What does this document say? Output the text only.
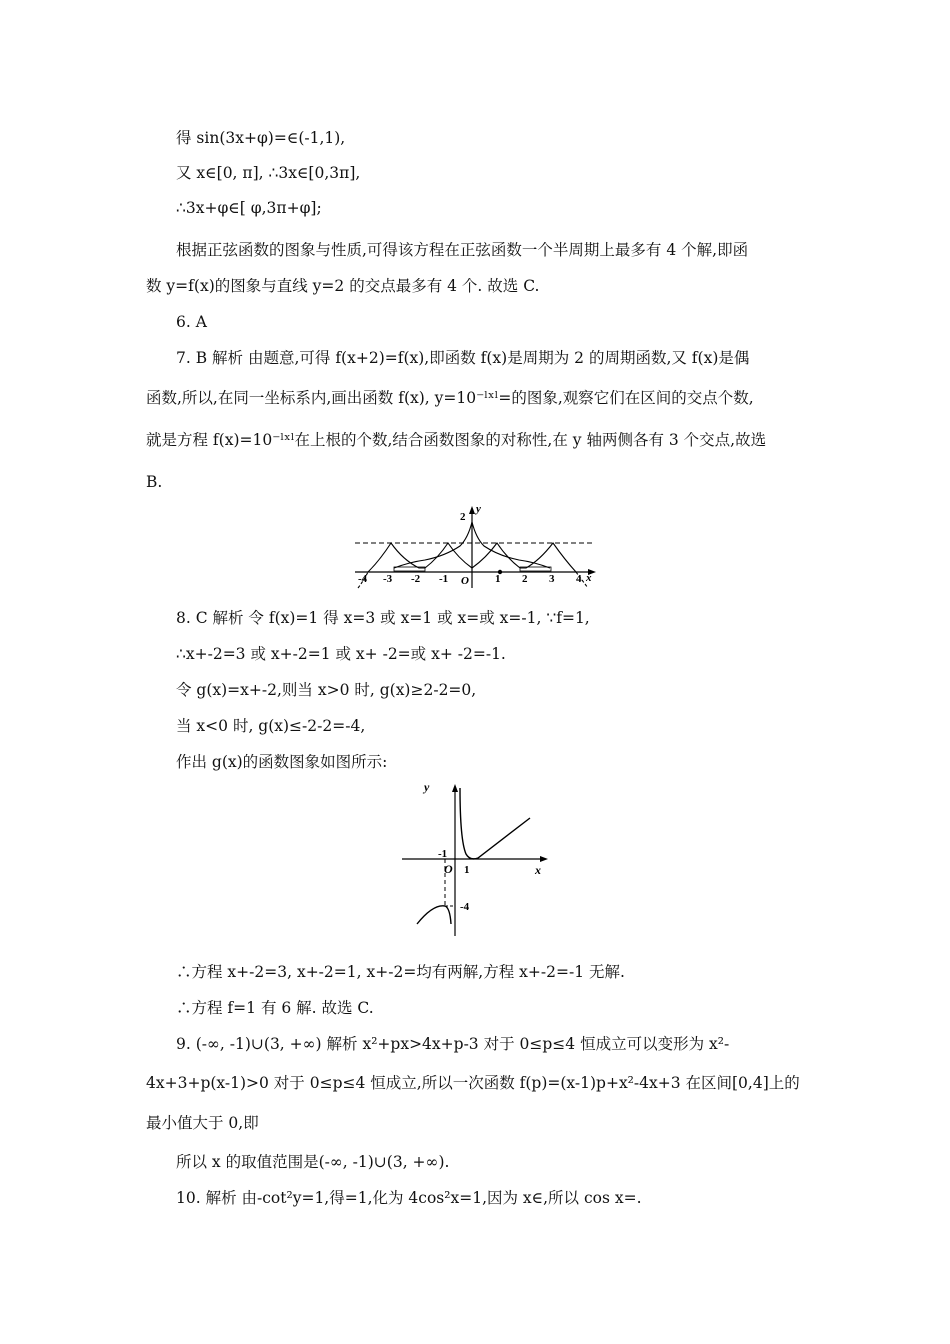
得 sin(3x+φ)=∈(-1,1),
又 x∈[0, π], ∴3x∈[0,3π],
∴3x+φ∈[ φ,3π+φ];
根据正弦函数的图象与性质,可得该方程在正弦函数一个半周期上最多有 4 个解,即函
数 y=f(x)的图象与直线 y=2 的交点最多有 4 个. 故选 C.
6. A
7. B 解析 由题意,可得 f(x+2)=f(x),即函数 f(x)是周期为 2 的周期函数,又 f(x)是偶
函数,所以,在同一坐标系内,画出函数 f(x), y=10⁻ˡˣˡ=的图象,观察它们在区间的交点个数,
就是方程 f(x)=10⁻ˡˣˡ在上根的个数,结合函数图象的对称性,在 y 轴两侧各有 3 个交点,故选
B.
2
y
x
O
-4 -3 -2 -1	1 2 3 4
8. C 解析 令 f(x)=1 得 x=3 或 x=1 或 x=或 x=-1, ∵f=1,
∴x+-2=3 或 x+-2=1 或 x+ -2=或 x+ -2=-1.
令 g(x)=x+-2,则当 x>0 时, g(x)≥2-2=0,
当 x<0 时, g(x)≤-2-2=-4,
作出 g(x)的函数图象如图所示:
y
x
O
-1
1
-4
∴方程 x+-2=3, x+-2=1, x+-2=均有两解,方程 x+-2=-1 无解.
∴方程 f=1 有 6 解. 故选 C.
9. (-∞, -1)∪(3, +∞) 解析 x²+px>4x+p-3 对于 0≤p≤4 恒成立可以变形为 x²-
4x+3+p(x-1)>0 对于 0≤p≤4 恒成立,所以一次函数 f(p)=(x-1)p+x²-4x+3 在区间[0,4]上的
最小值大于 0,即
所以 x 的取值范围是(-∞, -1)∪(3, +∞).
10. 解析 由-cot²y=1,得=1,化为 4cos²x=1,因为 x∈,所以 cos x=.
